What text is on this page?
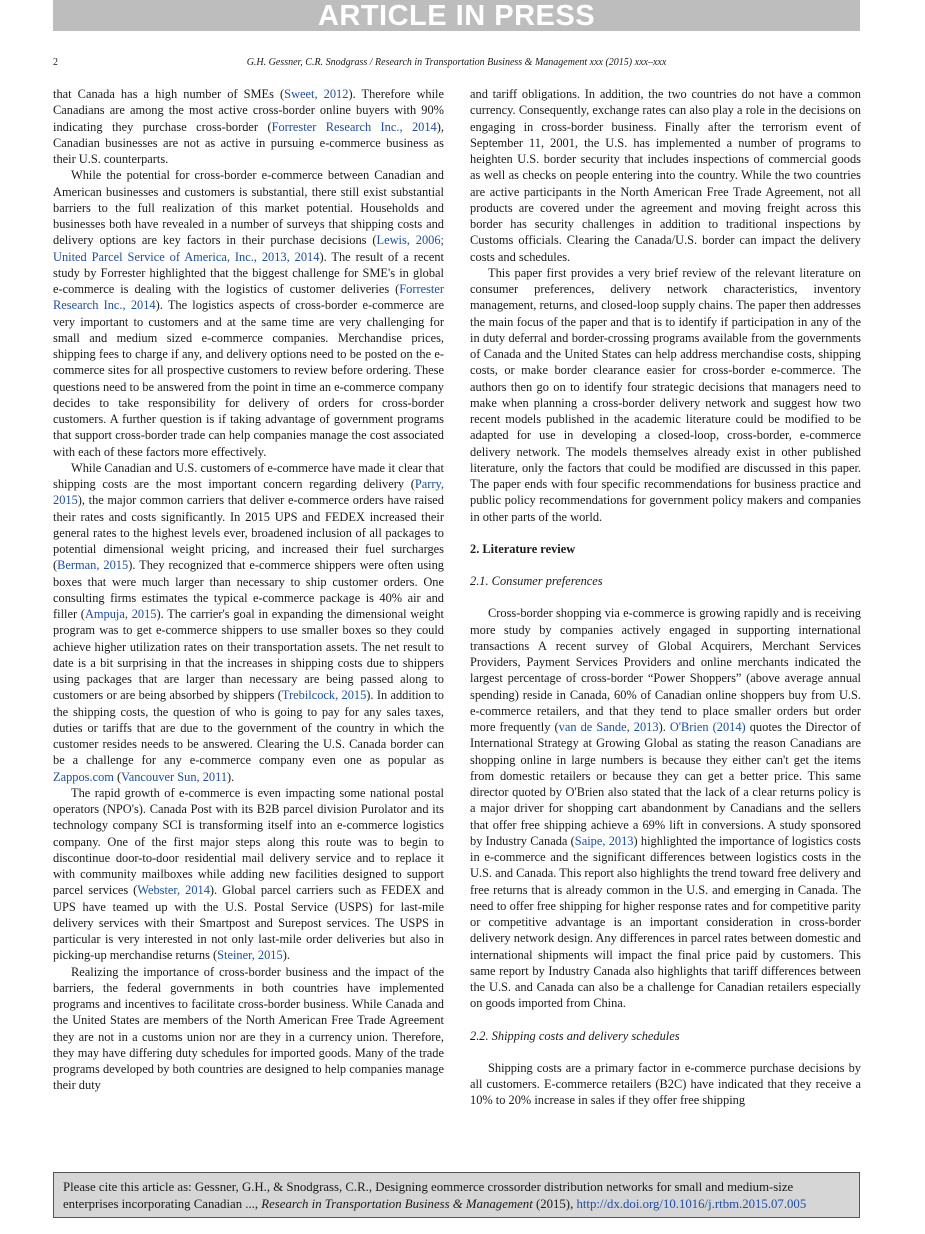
ARTICLE IN PRESS
2	G.H. Gessner, C.R. Snodgrass / Research in Transportation Business & Management xxx (2015) xxx–xxx

that Canada has a high number of SMEs (Sweet, 2012). Therefore while Canadians are among the most active cross-border online buyers with 90% indicating they purchase cross-border (Forrester Research Inc., 2014), Canadian businesses are not as active in pursuing e-commerce business as their U.S. counterparts.

While the potential for cross-border e-commerce between Canadian and American businesses and customers is substantial, there still exist substantial barriers to the full realization of this market potential. Households and businesses both have revealed in a number of surveys that shipping costs and delivery options are key factors in their purchase decisions (Lewis, 2006; United Parcel Service of America, Inc., 2013, 2014). The result of a recent study by Forrester highlighted that the biggest challenge for SME's in global e-commerce is dealing with the logistics of customer deliveries (Forrester Research Inc., 2014). The logistics aspects of cross-border e-commerce are very important to customers and at the same time are very challenging for small and medium sized e-commerce companies. Merchandise prices, shipping fees to charge if any, and delivery options need to be posted on the e-commerce sites for all prospective customers to review before ordering. These questions need to be answered from the point in time an e-commerce company decides to take responsibility for delivery of orders for cross-border customers. A further question is if taking advantage of government programs that support cross-border trade can help companies manage the cost associated with each of these factors more effectively.

While Canadian and U.S. customers of e-commerce have made it clear that shipping costs are the most important concern regarding delivery (Parry, 2015), the major common carriers that deliver e-commerce orders have raised their rates and costs significantly. In 2015 UPS and FEDEX increased their general rates to the highest levels ever, broadened inclusion of all packages to potential dimensional weight pricing, and increased their fuel surcharges (Berman, 2015). They recognized that e-commerce shippers were often using boxes that were much larger than necessary to ship customer orders. One consulting firms estimates the typical e-commerce package is 40% air and filler (Ampuja, 2015). The carrier's goal in expanding the dimensional weight program was to get e-commerce shippers to use smaller boxes so they could achieve higher utilization rates on their transportation assets. The net result to date is a bit surprising in that the increases in shipping costs due to shippers using packages that are larger than necessary are being passed along to customers or are being absorbed by shippers (Trebilcock, 2015). In addition to the shipping costs, the question of who is going to pay for any sales taxes, duties or tariffs that are due to the government of the country in which the customer resides needs to be answered. Clearing the U.S. Canada border can be a challenge for any e-commerce company even one as popular as Zappos.com (Vancouver Sun, 2011).

The rapid growth of e-commerce is even impacting some national postal operators (NPO's). Canada Post with its B2B parcel division Purolator and its technology company SCI is transforming itself into an e-commerce logistics company. One of the first major steps along this route was to begin to discontinue door-to-door residential mail delivery service and to replace it with community mailboxes while adding new facilities designed to support parcel services (Webster, 2014). Global parcel carriers such as FEDEX and UPS have teamed up with the U.S. Postal Service (USPS) for last-mile delivery services with their Smartpost and Surepost services. The USPS in particular is very interested in not only last-mile order deliveries but also in picking-up merchandise returns (Steiner, 2015).

Realizing the importance of cross-border business and the impact of the barriers, the federal governments in both countries have implemented programs and incentives to facilitate cross-border business. While Canada and the United States are members of the North American Free Trade Agreement they are not in a customs union nor are they in a currency union. Therefore, they may have differing duty schedules for imported goods. Many of the trade programs developed by both countries are designed to help companies manage their duty

and tariff obligations. In addition, the two countries do not have a common currency. Consequently, exchange rates can also play a role in the decisions on engaging in cross-border business. Finally after the terrorism event of September 11, 2001, the U.S. has implemented a number of programs to heighten U.S. border security that includes inspections of commercial goods as well as checks on people entering into the country. While the two countries are active participants in the North American Free Trade Agreement, not all products are covered under the agreement and moving freight across this border has security challenges in addition to traditional inspections by Customs officials. Clearing the Canada/U.S. border can impact the delivery costs and schedules.

This paper first provides a very brief review of the relevant literature on consumer preferences, delivery network characteristics, inventory management, returns, and closed-loop supply chains. The paper then addresses the main focus of the paper and that is to identify if participation in any of the in duty deferral and border-crossing programs available from the governments of Canada and the United States can help address merchandise costs, shipping costs, or make border clearance easier for cross-border e-commerce. The authors then go on to identify four strategic decisions that managers need to make when planning a cross-border delivery network and suggest how two recent models published in the academic literature could be modified to be adapted for use in developing a closed-loop, cross-border, e-commerce delivery network. The models themselves already exist in other published literature, only the factors that could be modified are discussed in this paper. The paper ends with four specific recommendations for business practice and public policy recommendations for government policy makers and companies in other parts of the world.

2. Literature review

2.1. Consumer preferences

Cross-border shopping via e-commerce is growing rapidly and is receiving more study by companies actively engaged in supporting international transactions A recent survey of Global Acquirers, Merchant Services Providers, Payment Services Providers and online merchants indicated the largest percentage of cross-border “Power Shoppers” (above average annual spending) reside in Canada, 60% of Canadian online shoppers buy from U.S. e-commerce retailers, and that they tend to place smaller orders but order more frequently (van de Sande, 2013). O'Brien (2014) quotes the Director of International Strategy at Growing Global as stating the reason Canadians are shopping online in large numbers is because they either can't get the items from domestic retailers or because they can get a better price. This same director quoted by O'Brien also stated that the lack of a clear returns policy is a major driver for shopping cart abandonment by Canadians and the sellers that offer free shipping achieve a 69% lift in conversions. A study sponsored by Industry Canada (Saipe, 2013) highlighted the importance of logistics costs in e-commerce and the significant differences between logistics costs in the U.S. and Canada. This report also highlights the trend toward free delivery and free returns that is already common in the U.S. and emerging in Canada. The need to offer free shipping for higher response rates and for competitive parity or competitive advantage is an important consideration in cross-border delivery network design. Any differences in parcel rates between domestic and international shipments will impact the final price paid by customers. This same report by Industry Canada also highlights that tariff differences between the U.S. and Canada can also be a challenge for Canadian retailers especially on goods imported from China.

2.2. Shipping costs and delivery schedules

Shipping costs are a primary factor in e-commerce purchase decisions by all customers. E-commerce retailers (B2C) have indicated that they receive a 10% to 20% increase in sales if they offer free shipping

Please cite this article as: Gessner, G.H., & Snodgrass, C.R., Designing eommerce crossorder distribution networks for small and medium-size enterprises incorporating Canadian ..., Research in Transportation Business & Management (2015), http://dx.doi.org/10.1016/j.rtbm.2015.07.005
